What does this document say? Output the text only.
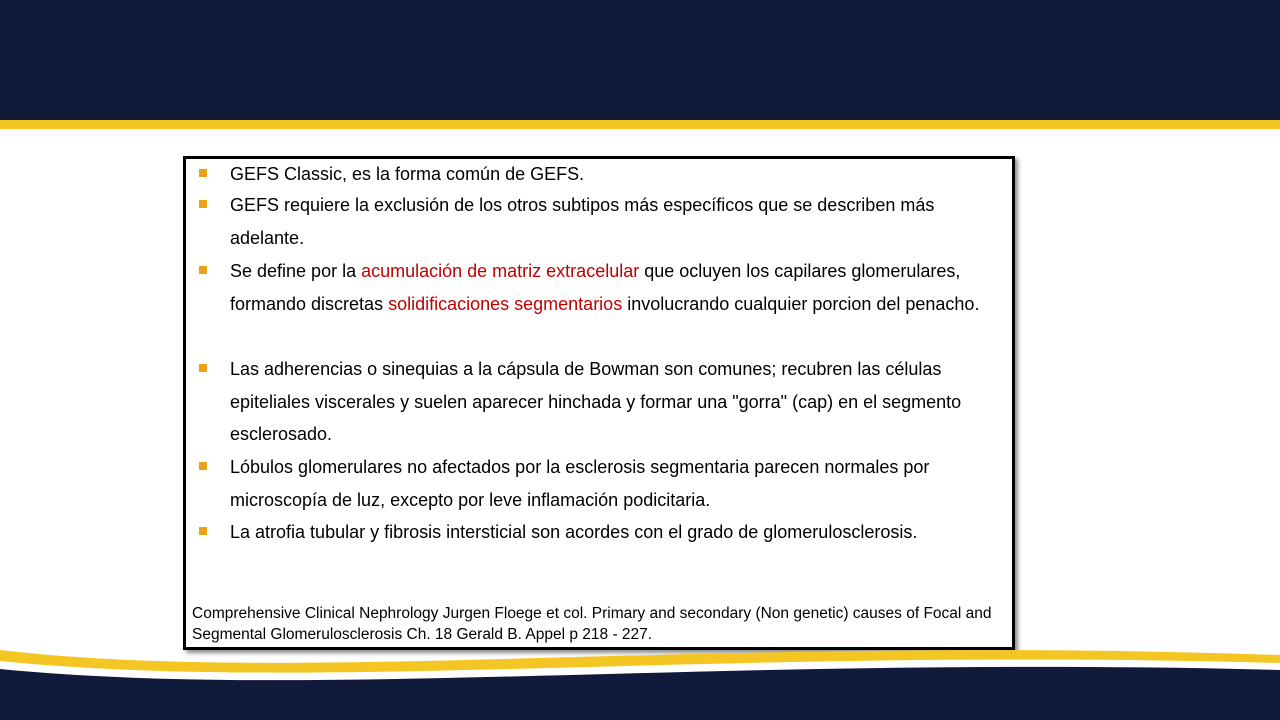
GEFS Classic, es la forma común de GEFS.
GEFS requiere la exclusión de los otros subtipos más específicos que se describen más adelante.
Se define por la acumulación de matriz extracelular que ocluyen los capilares glomerulares, formando discretas solidificaciones segmentarios involucrando cualquier porcion del penacho.
Las adherencias o sinequias a la cápsula de Bowman son comunes; recubren las células epiteliales viscerales y suelen aparecer hinchada y formar una "gorra" (cap) en el segmento esclerosado.
Lóbulos glomerulares no afectados por la esclerosis segmentaria parecen normales por microscopía de luz, excepto por leve inflamación podicitaria.
La atrofia tubular y fibrosis intersticial son acordes con el grado de glomerulosclerosis.
Comprehensive Clinical Nephrology Jurgen Floege et col. Primary and secondary (Non genetic) causes of Focal and Segmental Glomerulosclerosis Ch. 18 Gerald B. Appel p 218 - 227.
